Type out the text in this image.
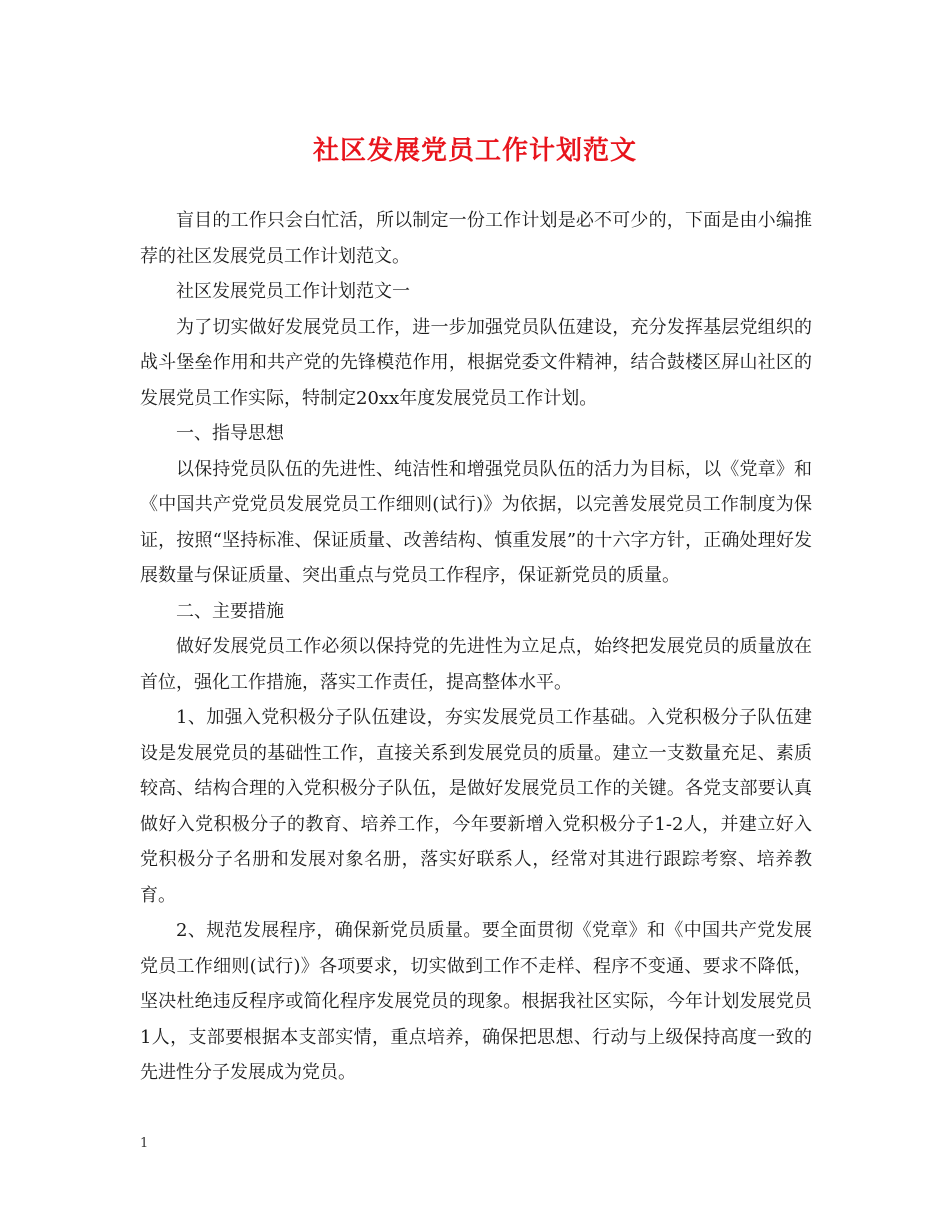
社区发展党员工作计划范文

盲目的工作只会白忙活，所以制定一份工作计划是必不可少的，下面是由小编推荐的社区发展党员工作计划范文。

社区发展党员工作计划范文一

为了切实做好发展党员工作，进一步加强党员队伍建设，充分发挥基层党组织的战斗堡垒作用和共产党的先锋模范作用，根据党委文件精神，结合鼓楼区屏山社区的发展党员工作实际，特制定20xx年度发展党员工作计划。

一、指导思想

以保持党员队伍的先进性、纯洁性和增强党员队伍的活力为目标，以《党章》和《中国共产党党员发展党员工作细则(试行)》为依据，以完善发展党员工作制度为保证，按照“坚持标准、保证质量、改善结构、慎重发展”的十六字方针，正确处理好发展数量与保证质量、突出重点与党员工作程序，保证新党员的质量。

二、主要措施

做好发展党员工作必须以保持党的先进性为立足点，始终把发展党员的质量放在首位，强化工作措施，落实工作责任，提高整体水平。

1、加强入党积极分子队伍建设，夯实发展党员工作基础。入党积极分子队伍建设是发展党员的基础性工作，直接关系到发展党员的质量。建立一支数量充足、素质较高、结构合理的入党积极分子队伍，是做好发展党员工作的关键。各党支部要认真做好入党积极分子的教育、培养工作，今年要新增入党积极分子1-2人，并建立好入党积极分子名册和发展对象名册，落实好联系人，经常对其进行跟踪考察、培养教育。

2、规范发展程序，确保新党员质量。要全面贯彻《党章》和《中国共产党发展党员工作细则(试行)》各项要求，切实做到工作不走样、程序不变通、要求不降低，坚决杜绝违反程序或简化程序发展党员的现象。根据我社区实际，今年计划发展党员1人，支部要根据本支部实情，重点培养，确保把思想、行动与上级保持高度一致的先进性分子发展成为党员。

1
